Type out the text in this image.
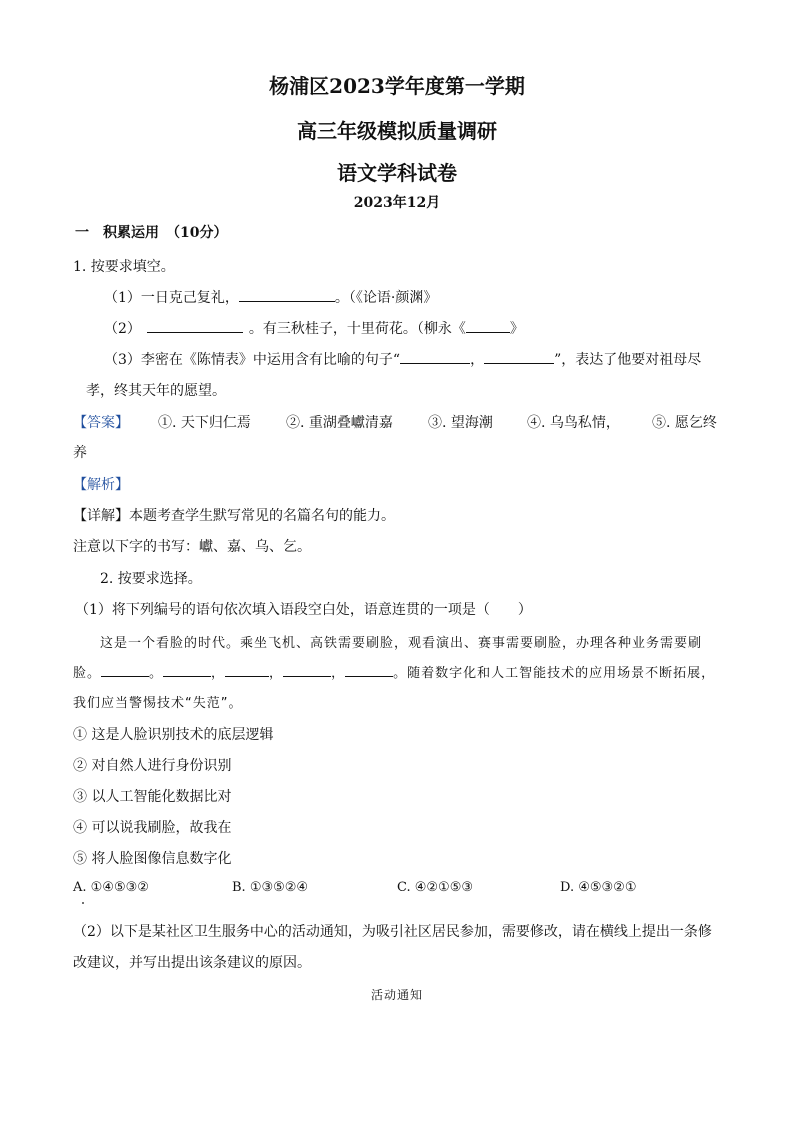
杨浦区2023学年度第一学期
高三年级模拟质量调研
语文学科试卷
2023年12月
一　积累运用　（10分）
1. 按要求填空。
（1）一日克己复礼，	。（《论语·颜渊》
（2）	。有三秋桂子，十里荷花。（柳永《	》
（3）李密在《陈情表》中运用含有比喻的句子“	，	”，表达了他要对祖母尽
孝，终其天年的愿望。
【答案】 ①. 天下归仁焉	②. 重湖叠巘清嘉	③. 望海潮 ④. 乌鸟私情， ⑤. 愿乞终
养
【解析】
【详解】本题考查学生默写常见的名篇名句的能力。
注意以下字的书写：巘、嘉、乌、乞。
2. 按要求选择。
（1）将下列编号的语句依次填入语段空白处，语意连贯的一项是（　　）
这是一个看脸的时代。乘坐飞机、高铁需要刷脸，观看演出、赛事需要刷脸，办理各种业务需要刷
脸。	。	，	，	，	。随着数字化和人工智能技术的应用场景不断拓展，
我们应当警惕技术“失范”。
① 这是人脸识别技术的底层逻辑
② 对自然人进行身份识别
③ 以人工智能化数据比对
④ 可以说我刷脸，故我在
⑤ 将人脸图像信息数字化
A. ①④⑤③②	B. ①③⑤②④	C. ④②①⑤③	D. ④⑤③②①
（2）以下是某社区卫生服务中心的活动通知，为吸引社区居民参加，需要修改，请在横线上提出一条修
改建议，并写出提出该条建议的原因。
活动通知
